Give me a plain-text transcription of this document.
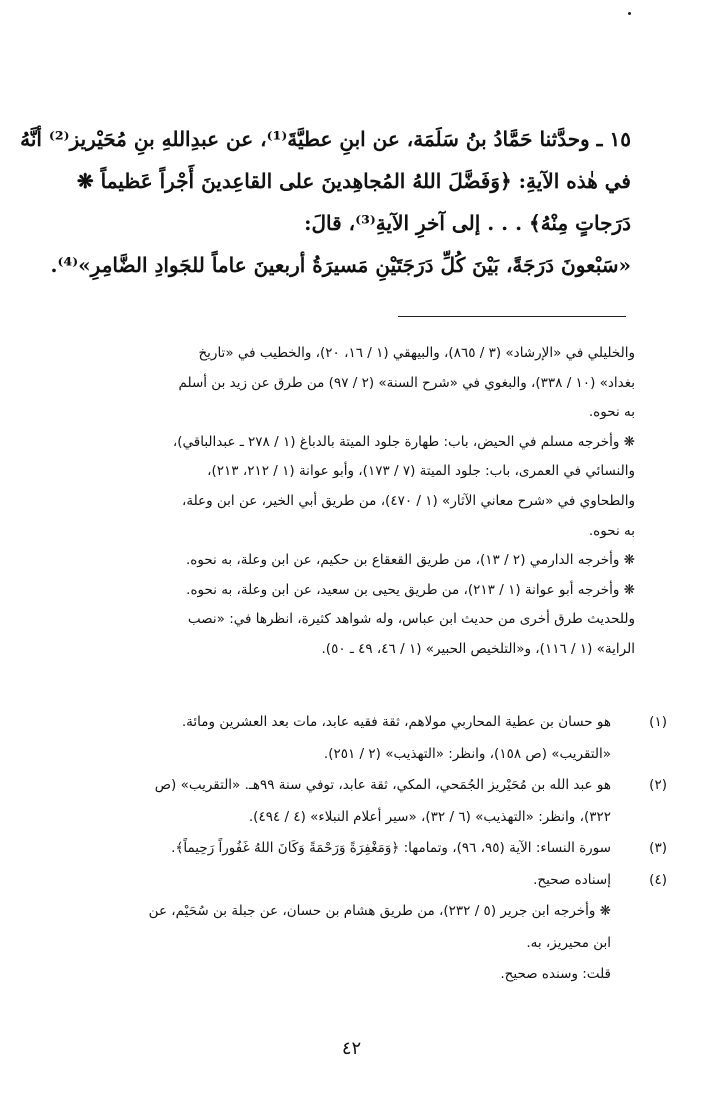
١٥ ـ وحدَّثنا حَمَّادُ بنُ سَلَمَة، عن ابنِ عطيَّةَ⁽¹⁾، عن عبدِاللهِ بنِ مُحَيْريز⁽²⁾ أنَّهُ

في هٰذه الآيةِ: ﴿وَفَضَّلَ اللهُ المُجاهِدينَ على القاعِدينَ أَجْراً عَظيماً ❋

دَرَجاتٍ مِنْهُ﴾ . . . إلى آخرِ الآيةِ⁽³⁾، قالَ:

«سَبْعونَ دَرَجَةً، بَيْنَ كُلِّ دَرَجَتَيْنِ مَسيرَةُ أربعينَ عاماً للجَوادِ الضَّامِرِ»⁽⁴⁾.

والخليلي في «الإرشاد» (٣ / ٨٦٥)، والبيهقي (١ / ١٦، ٢٠)، والخطيب في «تاريخ

بغداد» (١٠ / ٣٣٨)، والبغوي في «شرح السنة» (٢ / ٩٧) من طرق عن زيد بن أسلم

به نحوه.

❋ وأخرجه مسلم في الحيض، باب: طهارة جلود الميتة بالدباغ (١ / ٢٧٨ ـ عبدالباقي)،

والنسائي في العمرى، باب: جلود الميتة (٧ / ١٧٣)، وأبو عوانة (١ / ٢١٢، ٢١٣)،

والطحاوي في «شرح معاني الآثار» (١ / ٤٧٠)، من طريق أبي الخير، عن ابن وعلة،

به نحوه.

❋ وأخرجه الدارمي (٢ / ١٣)، من طريق القعقاع بن حكيم، عن ابن وعلة، به نحوه.

❋ وأخرجه أبو عوانة (١ / ٢١٣)، من طريق يحيى بن سعيد، عن ابن وعلة، به نحوه.

وللحديث طرق أخرى من حديث ابن عباس، وله شواهد كثيرة، انظرها في: «نصب

الراية» (١ / ١١٦)، و«التلخيص الحبير» (١ / ٤٦، ٤٩ ـ ٥٠).

(١)
هو حسان بن عطية المحاربي مولاهم، ثقة فقيه عابد، مات بعد العشرين ومائة.
«التقريب» (ص ١٥٨)، وانظر: «التهذيب» (٢ / ٢٥١).
(٢)
هو عبد الله بن مُحَيْريز الجُمَحي، المكي، ثقة عابد، توفي سنة ٩٩هـ. «التقريب» (ص
٣٢٢)، وانظر: «التهذيب» (٦ / ٣٢)، «سير أعلام النبلاء» (٤ / ٤٩٤).
(٣)
سورة النساء: الآية (٩٥، ٩٦)، وتمامها: ﴿وَمَغْفِرَةً وَرَحْمَةً وَكَانَ اللهُ غَفُوراً رَحِيماً﴾.
(٤)
إسناده صحيح.
❋ وأخرجه ابن جرير (٥ / ٢٣٢)، من طريق هشام بن حسان، عن جبلة بن سُحَيْم، عن
ابن محيريز، به.
قلت: وسنده صحيح.
٤٢
